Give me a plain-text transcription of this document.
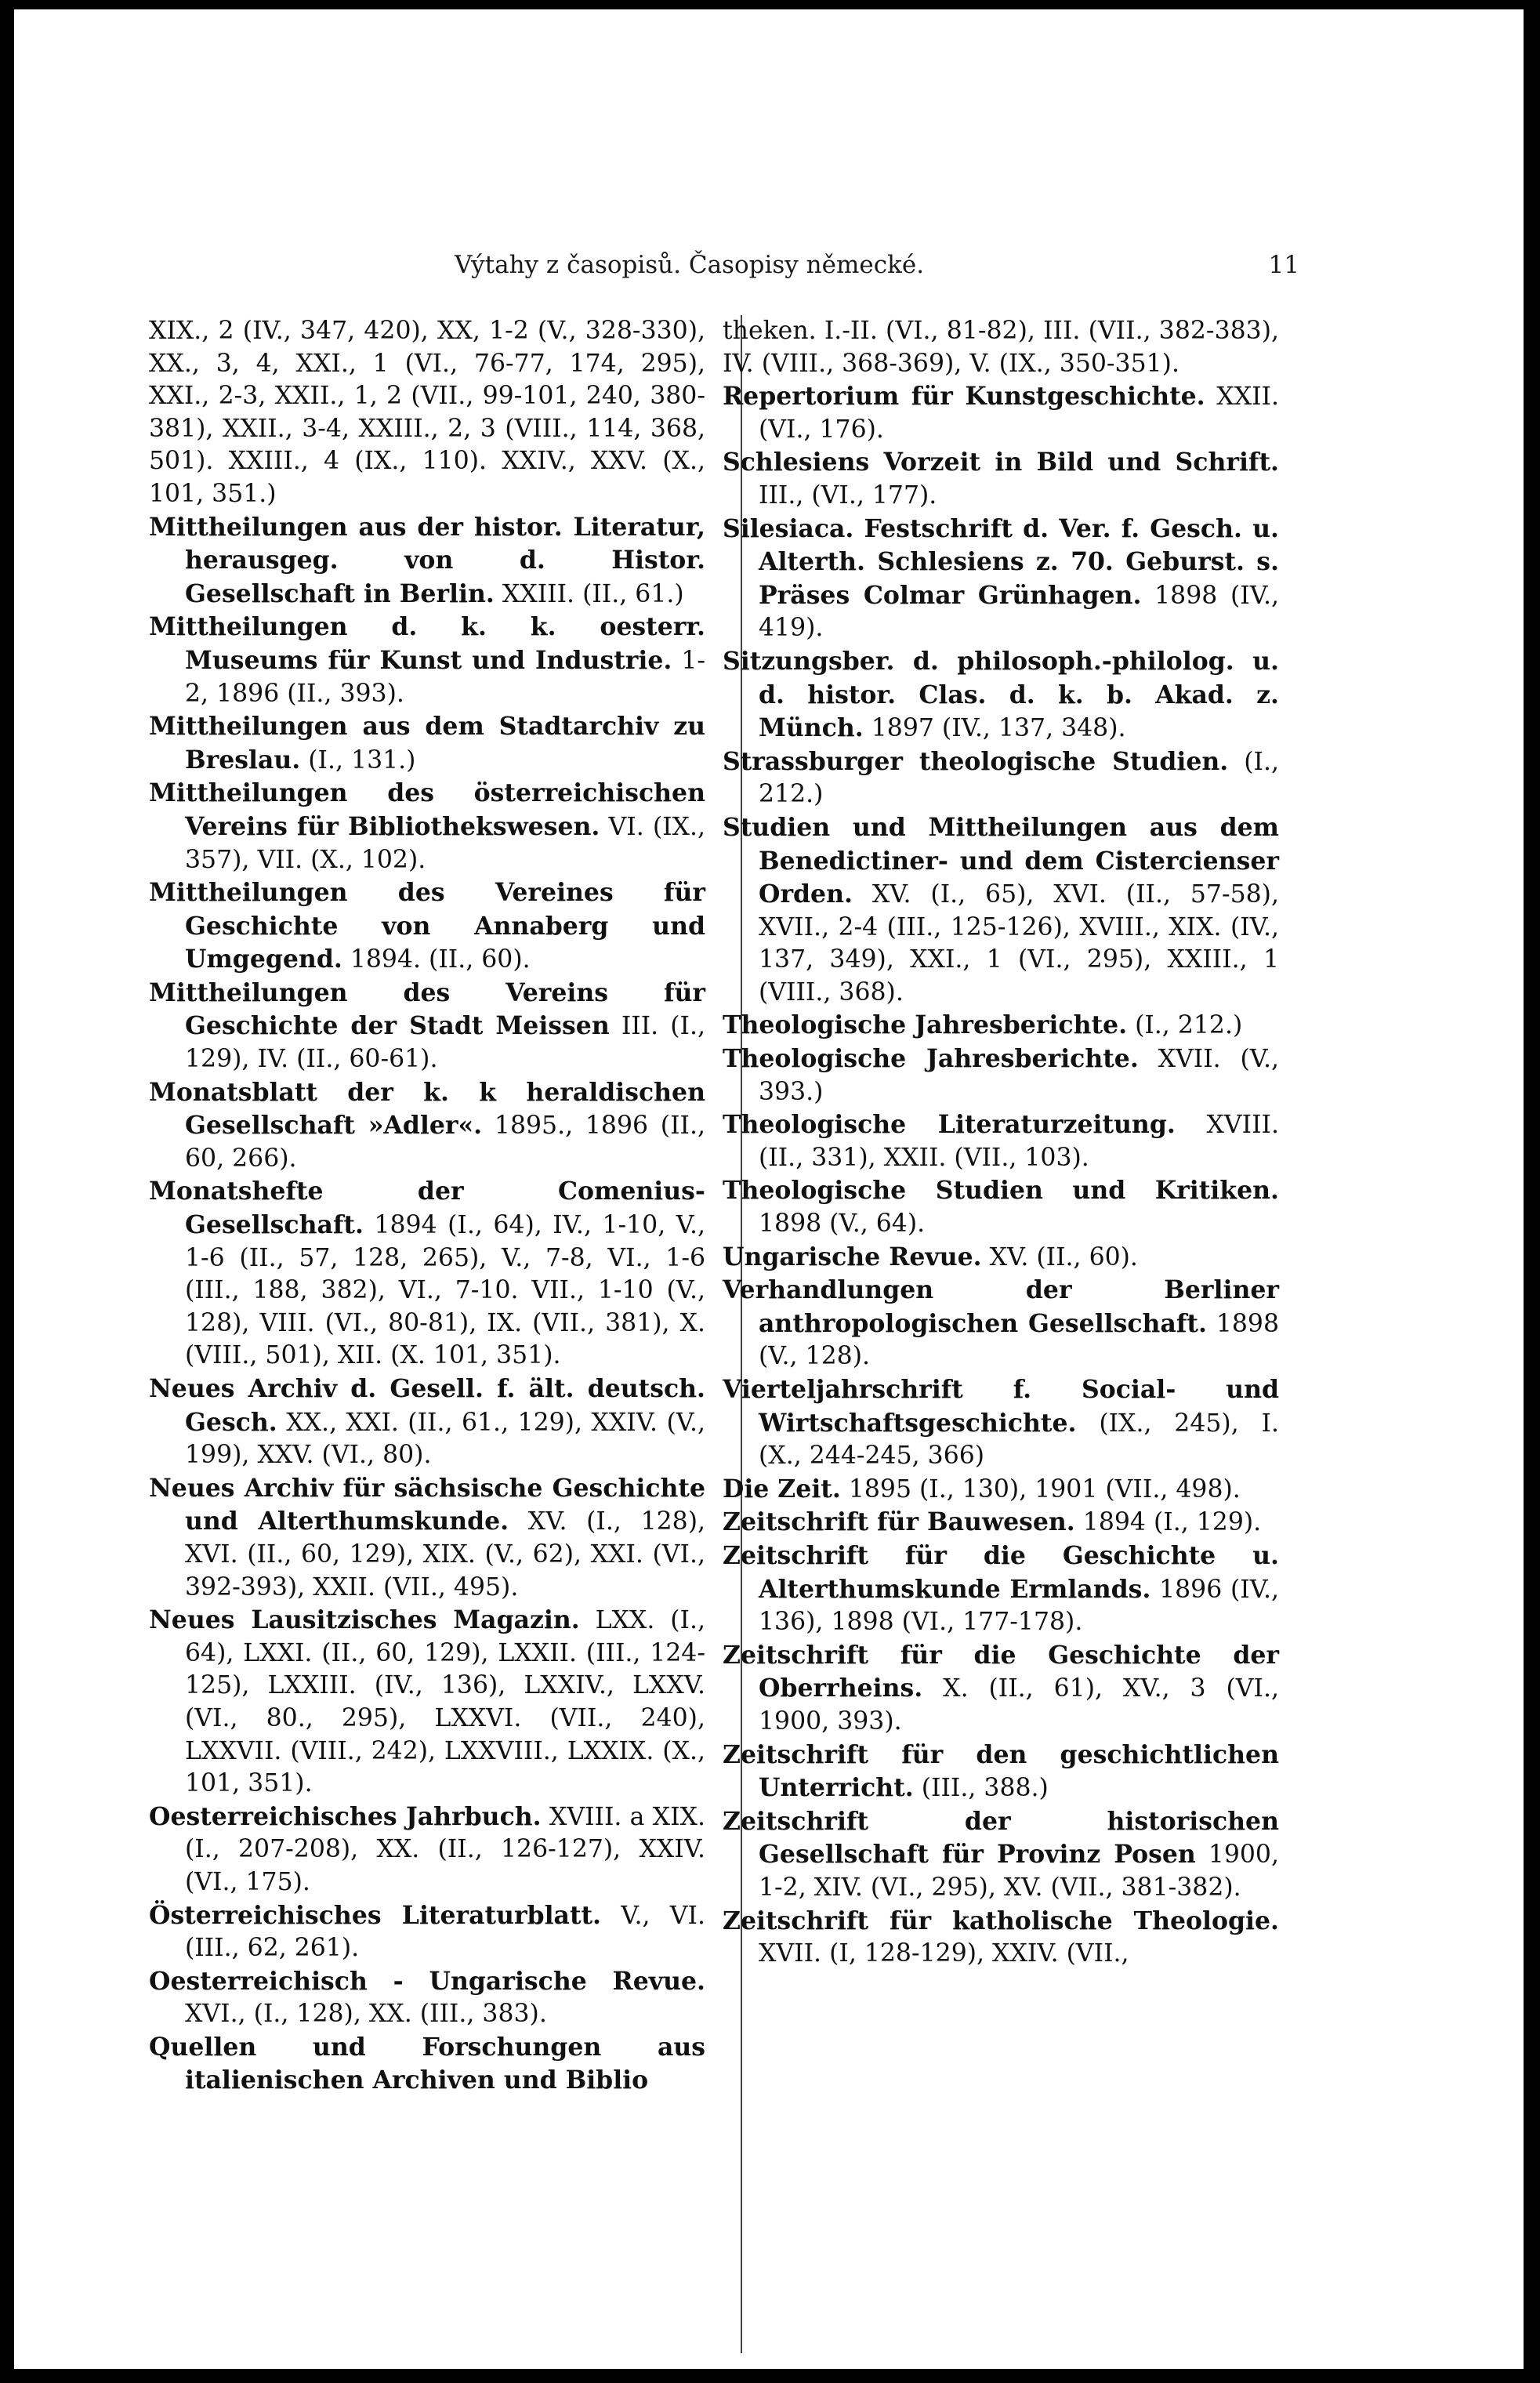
Výtahy z časopisů. Časopisy německé.	11

XIX., 2 (IV., 347, 420), XX, 1-2 (V., 328-330), XX., 3, 4, XXI., 1 (VI., 76-77, 174, 295), XXI., 2-3, XXII., 1, 2 (VII., 99-101, 240, 380-381), XXII., 3-4, XXIII., 2, 3 (VIII., 114, 368, 501). XXIII., 4 (IX., 110). XXIV., XXV. (X., 101, 351.)

Mittheilungen aus der histor. Literatur, herausgeg. von d. Histor. Gesellschaft in Berlin. XXIII. (II., 61.)

Mittheilungen d. k. k. oesterr. Museums für Kunst und Industrie. 1-2, 1896 (II., 393).

Mittheilungen aus dem Stadtarchiv zu Breslau. (I., 131.)

Mittheilungen des österreichischen Vereins für Bibliothekswesen. VI. (IX., 357), VII. (X., 102).

Mittheilungen des Vereines für Geschichte von Annaberg und Umgegend. 1894. (II., 60).

Mittheilungen des Vereins für Geschichte der Stadt Meissen III. (I., 129), IV. (II., 60-61).

Monatsblatt der k. k heraldischen Gesellschaft »Adler«. 1895., 1896 (II., 60, 266).

Monatshefte der Comenius-Gesellschaft. 1894 (I., 64), IV., 1-10, V., 1-6 (II., 57, 128, 265), V., 7-8, VI., 1-6 (III., 188, 382), VI., 7-10. VII., 1-10 (V., 128), VIII. (VI., 80-81), IX. (VII., 381), X. (VIII., 501), XII. (X. 101, 351).

Neues Archiv d. Gesell. f. ält. deutsch. Gesch. XX., XXI. (II., 61., 129), XXIV. (V., 199), XXV. (VI., 80).

Neues Archiv für sächsische Geschichte und Alterthumskunde. XV. (I., 128), XVI. (II., 60, 129), XIX. (V., 62), XXI. (VI., 392-393), XXII. (VII., 495).

Neues Lausitzisches Magazin. LXX. (I., 64), LXXI. (II., 60, 129), LXXII. (III., 124-125), LXXIII. (IV., 136), LXXIV., LXXV. (VI., 80., 295), LXXVI. (VII., 240), LXXVII. (VIII., 242), LXXVIII., LXXIX. (X., 101, 351).

Oesterreichisches Jahrbuch. XVIII. a XIX. (I., 207-208), XX. (II., 126-127), XXIV. (VI., 175).

Österreichisches Literaturblatt. V., VI. (III., 62, 261).

Oesterreichisch - Ungarische Revue. XVI., (I., 128), XX. (III., 383).

Quellen und Forschungen aus italienischen Archiven und Biblio

theken. I.-II. (VI., 81-82), III. (VII., 382-383), IV. (VIII., 368-369), V. (IX., 350-351).

Repertorium für Kunstgeschichte. XXII. (VI., 176).

Schlesiens Vorzeit in Bild und Schrift. III., (VI., 177).

Silesiaca. Festschrift d. Ver. f. Gesch. u. Alterth. Schlesiens z. 70. Geburst. s. Präses Colmar Grünhagen. 1898 (IV., 419).

Sitzungsber. d. philosoph.-philolog. u. d. histor. Clas. d. k. b. Akad. z. Münch. 1897 (IV., 137, 348).

Strassburger theologische Studien. (I., 212.)

Studien und Mittheilungen aus dem Benedictiner- und dem Cistercienser Orden. XV. (I., 65), XVI. (II., 57-58), XVII., 2-4 (III., 125-126), XVIII., XIX. (IV., 137, 349), XXI., 1 (VI., 295), XXIII., 1 (VIII., 368).

Theologische Jahresberichte. (I., 212.)

Theologische Jahresberichte. XVII. (V., 393.)

Theologische Literaturzeitung. XVIII. (II., 331), XXII. (VII., 103).

Theologische Studien und Kritiken. 1898 (V., 64).

Ungarische Revue. XV. (II., 60).

Verhandlungen der Berliner anthropologischen Gesellschaft. 1898 (V., 128).

Vierteljahrschrift f. Social- und Wirtschaftsgeschichte. (IX., 245), I. (X., 244-245, 366)

Die Zeit. 1895 (I., 130), 1901 (VII., 498).

Zeitschrift für Bauwesen. 1894 (I., 129).

Zeitschrift für die Geschichte u. Alterthumskunde Ermlands. 1896 (IV., 136), 1898 (VI., 177-178).

Zeitschrift für die Geschichte der Oberrheins. X. (II., 61), XV., 3 (VI., 1900, 393).

Zeitschrift für den geschichtlichen Unterricht. (III., 388.)

Zeitschrift der historischen Gesellschaft für Provinz Posen 1900, 1-2, XIV. (VI., 295), XV. (VII., 381-382).

Zeitschrift für katholische Theologie. XVII. (I, 128-129), XXIV. (VII.,
